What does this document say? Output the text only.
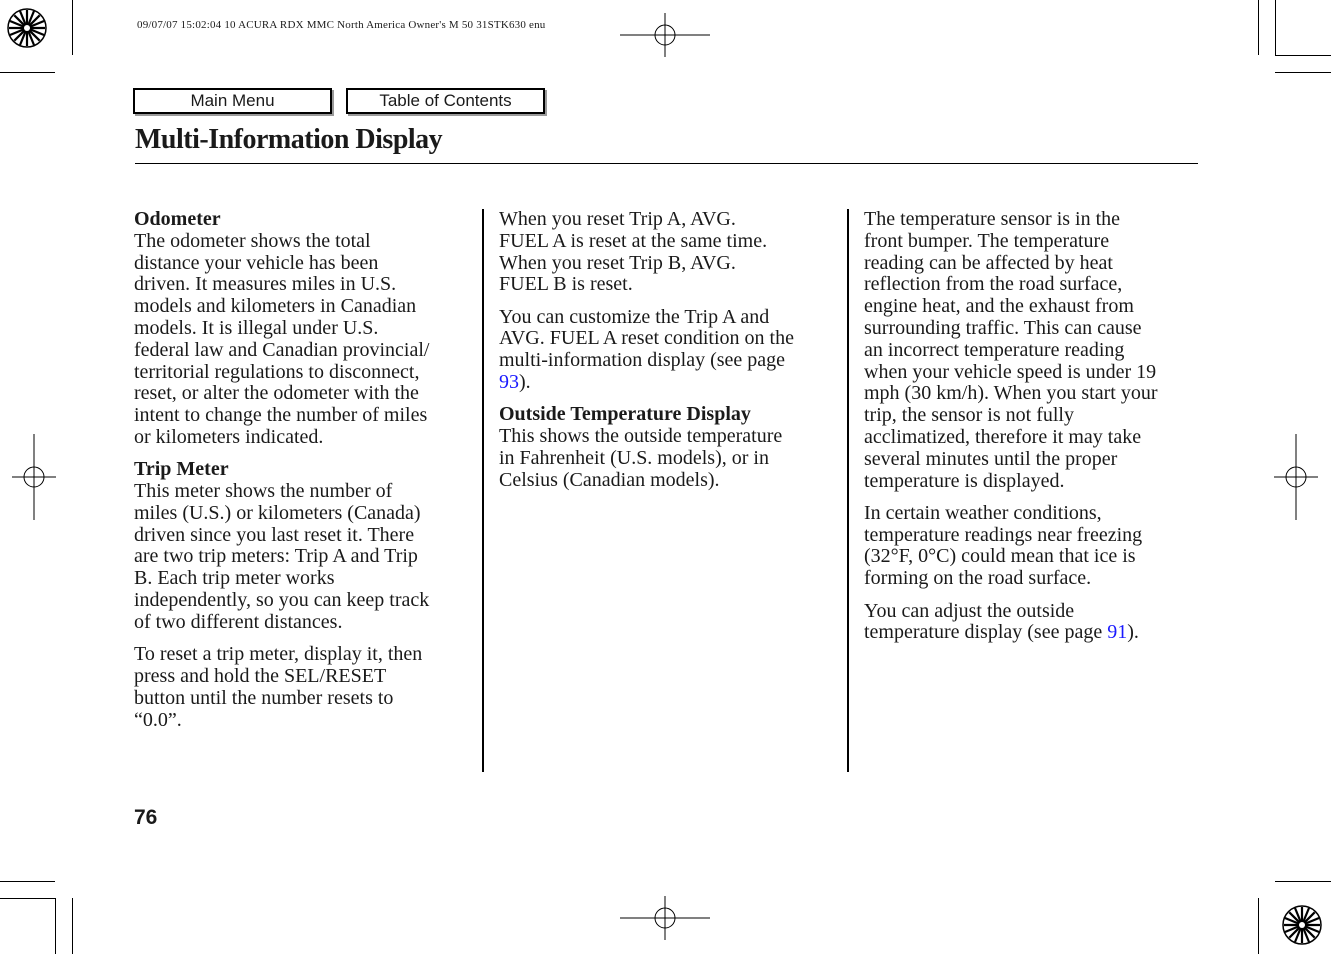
09/07/07 15:02:04 10 ACURA RDX MMC North America Owner's M 50 31STK630 enu
Main Menu	Table of Contents
Multi-Information Display
Odometer

The odometer shows the total
distance your vehicle has been
driven. It measures miles in U.S.
models and kilometers in Canadian
models. It is illegal under U.S.
federal law and Canadian provincial/
territorial regulations to disconnect,
reset, or alter the odometer with the
intent to change the number of miles
or kilometers indicated.

Trip Meter

This meter shows the number of
miles (U.S.) or kilometers (Canada)
driven since you last reset it. There
are two trip meters: Trip A and Trip
B. Each trip meter works
independently, so you can keep track
of two different distances.

To reset a trip meter, display it, then
press and hold the SEL/RESET
button until the number resets to
“0.0”.

When you reset Trip A, AVG.
FUEL A is reset at the same time.
When you reset Trip B, AVG.
FUEL B is reset.

You can customize the Trip A and
AVG. FUEL A reset condition on the
multi-information display (see page
93).

Outside Temperature Display

This shows the outside temperature
in Fahrenheit (U.S. models), or in
Celsius (Canadian models).

The temperature sensor is in the
front bumper. The temperature
reading can be affected by heat
reflection from the road surface,
engine heat, and the exhaust from
surrounding traffic. This can cause
an incorrect temperature reading
when your vehicle speed is under 19
mph (30 km/h). When you start your
trip, the sensor is not fully
acclimatized, therefore it may take
several minutes until the proper
temperature is displayed.

In certain weather conditions,
temperature readings near freezing
(32°F, 0°C) could mean that ice is
forming on the road surface.

You can adjust the outside
temperature display (see page 91).

76
